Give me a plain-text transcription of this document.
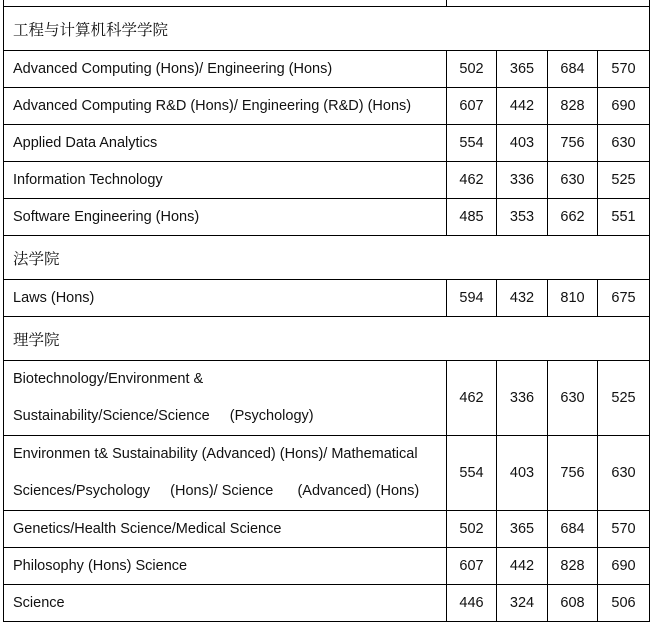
工程与计算机科学学院				

Advanced Computing (Hons)/ Engineering (Hons)	502	365	684	570

Advanced Computing R&D (Hons)/ Engineering (R&D) (Hons)	607	442	828	690

Applied Data Analytics	554	403	756	630

Information Technology	462	336	630	525

Software Engineering (Hons)	485	353	662	551
法学院				

Laws (Hons)	594	432	810	675
理学院				

Biotechnology/Environment &
Sustainability/Science/Science     (Psychology)	462	336	630	525

Environmen t& Sustainability (Advanced) (Hons)/ Mathematical
Sciences/Psychology     (Hons)/ Science      (Advanced) (Hons)	554	403	756	630

Genetics/Health Science/Medical Science	502	365	684	570

Philosophy (Hons) Science	607	442	828	690

Science	446	324	608	506
